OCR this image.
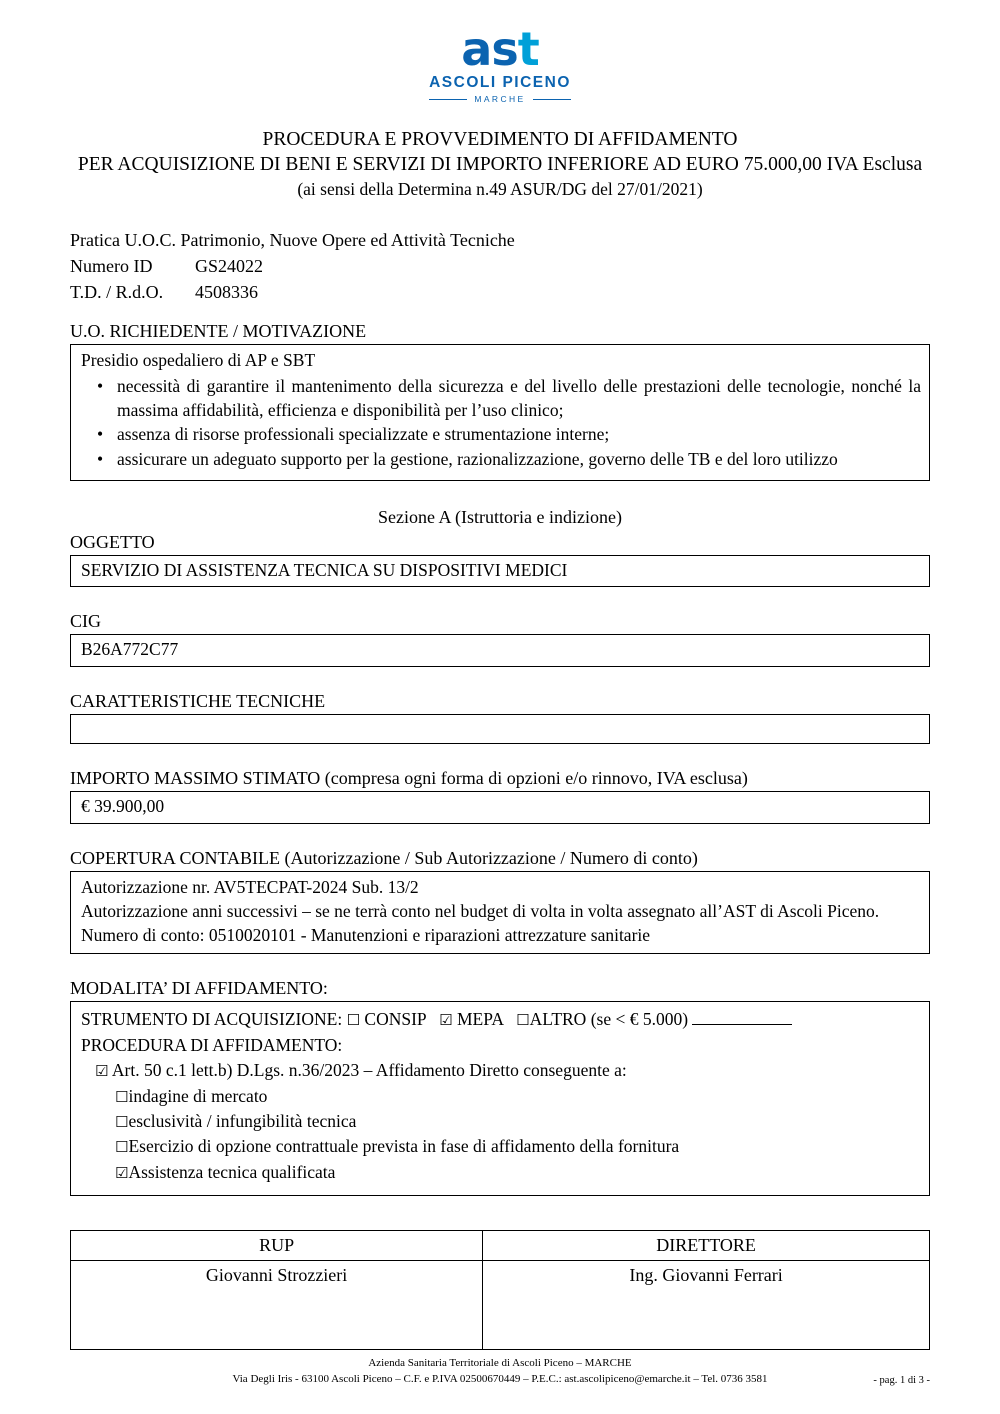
ast
ASCOLI PICENO
MARCHE
PROCEDURA E PROVVEDIMENTO DI AFFIDAMENTO
PER ACQUISIZIONE DI BENI E SERVIZI DI IMPORTO INFERIORE AD EURO 75.000,00 IVA Esclusa
(ai sensi della Determina n.49 ASUR/DG del 27/01/2021)
Pratica U.O.C. Patrimonio, Nuove Opere ed Attività Tecniche
Numero ID GS24022
T.D. / R.d.O. 4508336
U.O. RICHIEDENTE / MOTIVAZIONE
Presidio ospedaliero di AP e SBT
• necessità di garantire il mantenimento della sicurezza e del livello delle prestazioni delle tecnologie, nonché la massima affidabilità, efficienza e disponibilità per l’uso clinico;
• assenza di risorse professionali specializzate e strumentazione interne;
• assicurare un adeguato supporto per la gestione, razionalizzazione, governo delle TB e del loro utilizzo
Sezione A (Istruttoria e indizione)
OGGETTO
SERVIZIO DI ASSISTENZA TECNICA SU DISPOSITIVI MEDICI
CIG
B26A772C77
CARATTERISTICHE TECNICHE
IMPORTO MASSIMO STIMATO (compresa ogni forma di opzioni e/o rinnovo, IVA esclusa)
€ 39.900,00
COPERTURA CONTABILE (Autorizzazione / Sub Autorizzazione / Numero di conto)
Autorizzazione nr. AV5TECPAT-2024 Sub. 13/2
Autorizzazione anni successivi – se ne terrà conto nel budget di volta in volta assegnato all’AST di Ascoli Piceno.
Numero di conto: 0510020101 - Manutenzioni e riparazioni attrezzature sanitarie
MODALITA’ DI AFFIDAMENTO:
STRUMENTO DI ACQUISIZIONE: ☐ CONSIP ☑ MEPA ☐ALTRO (se < € 5.000)
PROCEDURA DI AFFIDAMENTO:
☑ Art. 50 c.1 lett.b) D.Lgs. n.36/2023 – Affidamento Diretto conseguente a:
☐indagine di mercato
☐esclusività / infungibilità tecnica
☐Esercizio di opzione contrattuale prevista in fase di affidamento della fornitura
☑Assistenza tecnica qualificata
RUP	DIRETTORE
Giovanni Strozzieri	Ing. Giovanni Ferrari
Azienda Sanitaria Territoriale di Ascoli Piceno – MARCHE
Via Degli Iris - 63100 Ascoli Piceno – C.F. e P.IVA 02500670449 – P.E.C.: ast.ascolipiceno@emarche.it – Tel. 0736 3581	- pag. 1 di 3 -
